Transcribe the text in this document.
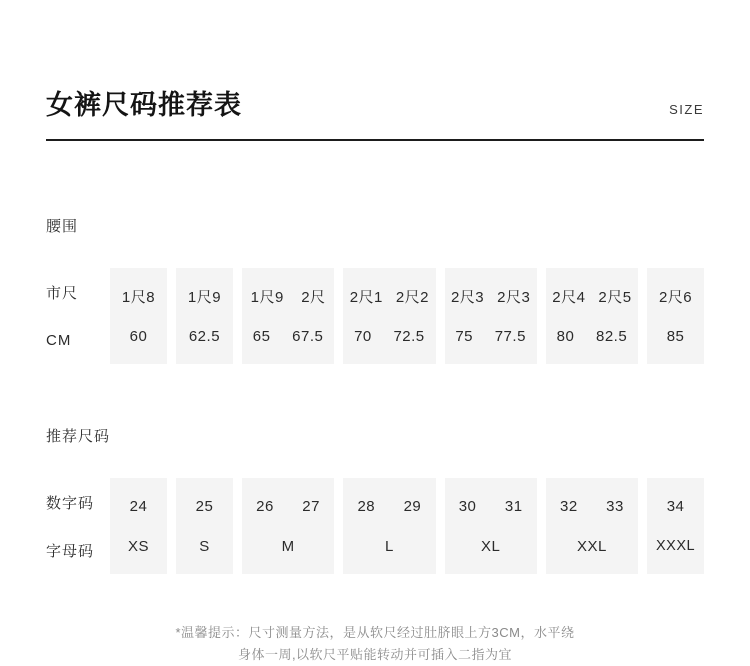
女裤尺码推荐表	SIZE
腰围
市尺
CM
1尺8
60
1尺9
62.5
1尺9 2尺
65 67.5
2尺1 2尺2
70 72.5
2尺3 2尺3
75 77.5
2尺4 2尺5
80 82.5
2尺6
85
推荐尺码
数字码
字母码
24
XS
25
S
26 27
M
28 29
L
30 31
XL
32 33
XXL
34
XXXL
*温馨提示：尺寸测量方法，是从软尺经过肚脐眼上方3CM，水平绕
身体一周,以软尺平贴能转动并可插入二指为宜
